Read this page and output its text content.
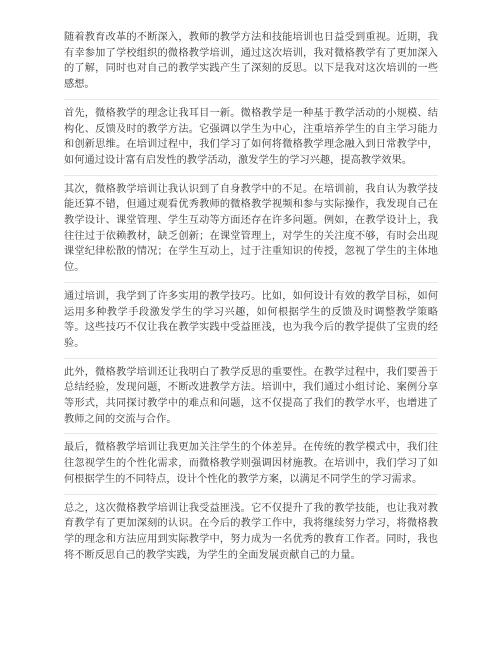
随着教育改革的不断深入，教师的教学方法和技能培训也日益受到重视。近期，我有幸参加了学校组织的微格教学培训，通过这次培训，我对微格教学有了更加深入的了解，同时也对自己的教学实践产生了深刻的反思。以下是我对这次培训的一些感想。

首先，微格教学的理念让我耳目一新。微格教学是一种基于教学活动的小规模、结构化、反馈及时的教学方法。它强调以学生为中心，注重培养学生的自主学习能力和创新思维。在培训过程中，我们学习了如何将微格教学理念融入到日常教学中，如何通过设计富有启发性的教学活动，激发学生的学习兴趣，提高教学效果。

其次，微格教学培训让我认识到了自身教学中的不足。在培训前，我自认为教学技能还算不错，但通过观看优秀教师的微格教学视频和参与实际操作，我发现自己在教学设计、课堂管理、学生互动等方面还存在许多问题。例如，在教学设计上，我往往过于依赖教材，缺乏创新；在课堂管理上，对学生的关注度不够，有时会出现课堂纪律松散的情况；在学生互动上，过于注重知识的传授，忽视了学生的主体地位。

通过培训，我学到了许多实用的教学技巧。比如，如何设计有效的教学目标，如何运用多种教学手段激发学生的学习兴趣，如何根据学生的反馈及时调整教学策略等。这些技巧不仅让我在教学实践中受益匪浅，也为我今后的教学提供了宝贵的经验。

此外，微格教学培训还让我明白了教学反思的重要性。在教学过程中，我们要善于总结经验，发现问题，不断改进教学方法。培训中，我们通过小组讨论、案例分享等形式，共同探讨教学中的难点和问题，这不仅提高了我们的教学水平，也增进了教师之间的交流与合作。

最后，微格教学培训让我更加关注学生的个体差异。在传统的教学模式中，我们往往忽视学生的个性化需求，而微格教学则强调因材施教。在培训中，我们学习了如何根据学生的不同特点，设计个性化的教学方案，以满足不同学生的学习需求。

总之，这次微格教学培训让我受益匪浅。它不仅提升了我的教学技能，也让我对教育教学有了更加深刻的认识。在今后的教学工作中，我将继续努力学习，将微格教学的理念和方法应用到实际教学中，努力成为一名优秀的教育工作者。同时，我也将不断反思自己的教学实践，为学生的全面发展贡献自己的力量。
